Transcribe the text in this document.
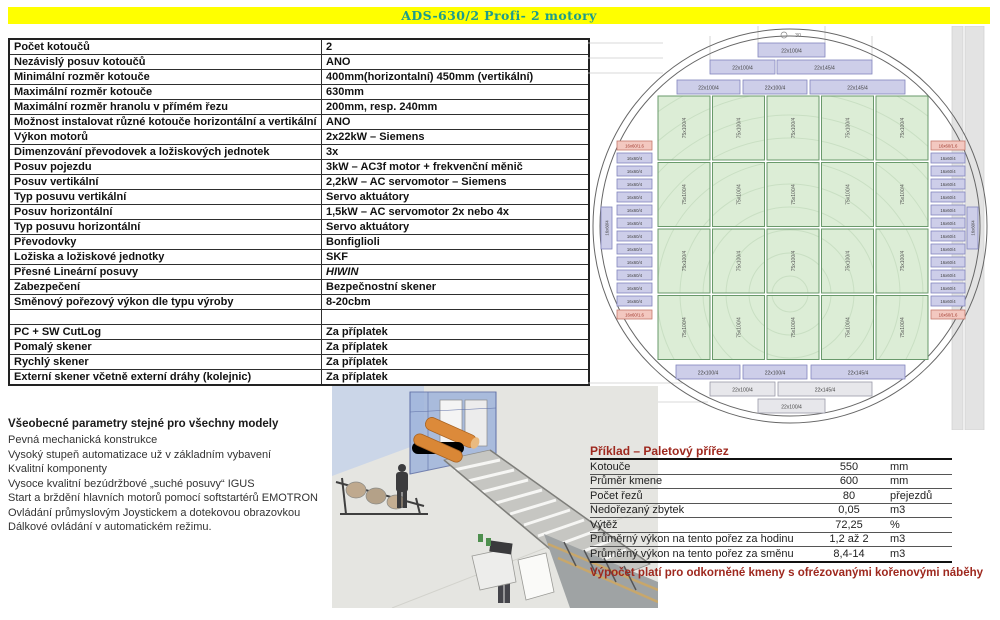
ADS-630/2 Profi- 2 motory
Počet kotoučů	2
Nezávislý posuv kotoučů	ANO
Minimální rozměr kotouče	400mm(horizontalní) 450mm (vertikální)
Maximální rozměr kotouče	630mm
Maximální rozměr hranolu v přímém řezu	200mm, resp. 240mm
Možnost instalovat různé kotouče horizontální a vertikální	ANO
Výkon motorů	2x22kW – Siemens
Dimenzování převodovek a ložiskových jednotek	3x
Posuv pojezdu	3kW – AC3f motor + frekvenční měnič
Posuv vertikální	2,2kW – AC servomotor – Siemens
Typ posuvu vertikální	Servo aktuátory
Posuv horizontální	1,5kW – AC servomotor 2x nebo 4x
Typ posuvu horizontální	Servo aktuátory
Převodovky	Bonfiglioli
Ložiska a ložiskové jednotky	SKF
Přesné Lineární posuvy	HIWIN
Zabezpečení	Bezpečnostní skener
Směnový pořezový výkon dle typu výroby	8-20cbm

PC + SW CutLog	Za příplatek
Pomalý skener	Za příplatek
Rychlý skener	Za příplatek
Externí skener včetně externí dráhy (kolejnic)	Za příplatek
30
75x100/4
75x100/4
75x100/4
75x100/4
75x100/4
75x100/4
75x100/4
75x100/4
75x100/4
75x100/4
75x100/4
75x100/4
75x100/4
75x100/4
75x100/4
75x100/4
75x100/4
75x100/4
75x100/4
75x100/4
22x100/4
22x100/4	22x145/4
22x100/4	22x100/4	22x145/4
22x100/4	22x100/4	22x145/4
22x100/4	22x145/4
22x100/4
16x60/1.6
16x60/4
16x60/4
16x60/4
16x60/4
16x60/4
16x60/4
16x60/4
16x60/4
16x60/4
16x60/4
16x60/4
16x60/4
16x60/1.6
16x60/1.6
16x60/4
16x60/4
16x60/4
16x60/4
16x60/4
16x60/4
16x60/4
16x60/4
16x60/4
16x60/4
16x60/4
16x60/4
16x60/1.6
16x60/4	16x60/4
Všeobecné parametry stejné pro všechny modely
Pevná mechanická konstrukce
Vysoký stupeň automatizace už v základním vybavení
Kvalitní komponenty
Vysoce kvalitní bezúdržbové „suché posuvy“ IGUS
Start a brždění hlavních motorů pomocí softstartérů EMOTRON
Ovládání průmyslovým Joystickem a dotekovou obrazovkou
Dálkové ovládání v automatickém režimu.
Příklad – Paletový přířez
Kotouče	550	mm
Průměr kmene	600	mm
Počet řezů	80	přejezdů
Nedořezaný zbytek	0,05	m3
Výtěž	72,25	%
Průměrný výkon na tento pořez za hodinu	1,2 až 2	m3
Průměrný výkon na tento pořez za směnu	8,4-14	m3
Výpočet platí pro odkorněné kmeny s ofrézovanými kořenovými náběhy
